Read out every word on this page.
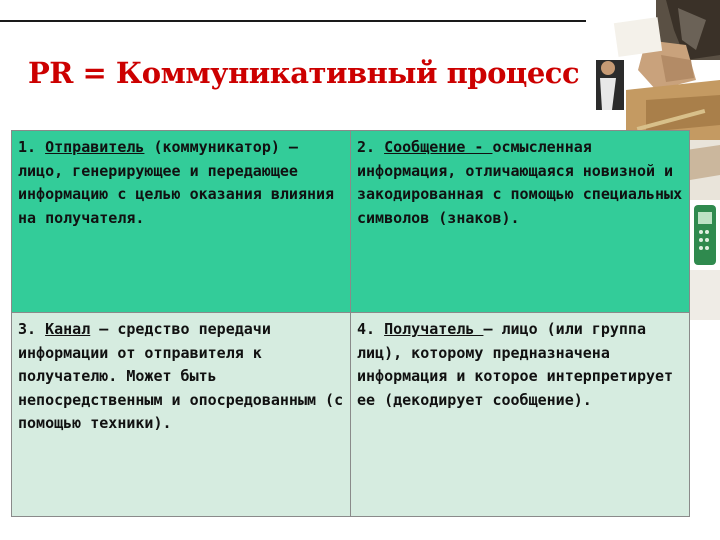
PR = Коммуникативный процесс
1. Отправитель (коммуникатор) – лицо, генерирующее и передающее информацию с целью оказания влияния на получателя.	2. Сообщение - осмысленная информация, отличающаяся новизной и закодированная с помощью специальных символов (знаков).
3. Канал – средство передачи информации от отправителя к получателю. Может быть непосредственным и опосредованным (с помощью техники).	4. Получатель – лицо (или группа лиц), которому предназначена информация и которое интерпретирует ее (декодирует сообщение).
